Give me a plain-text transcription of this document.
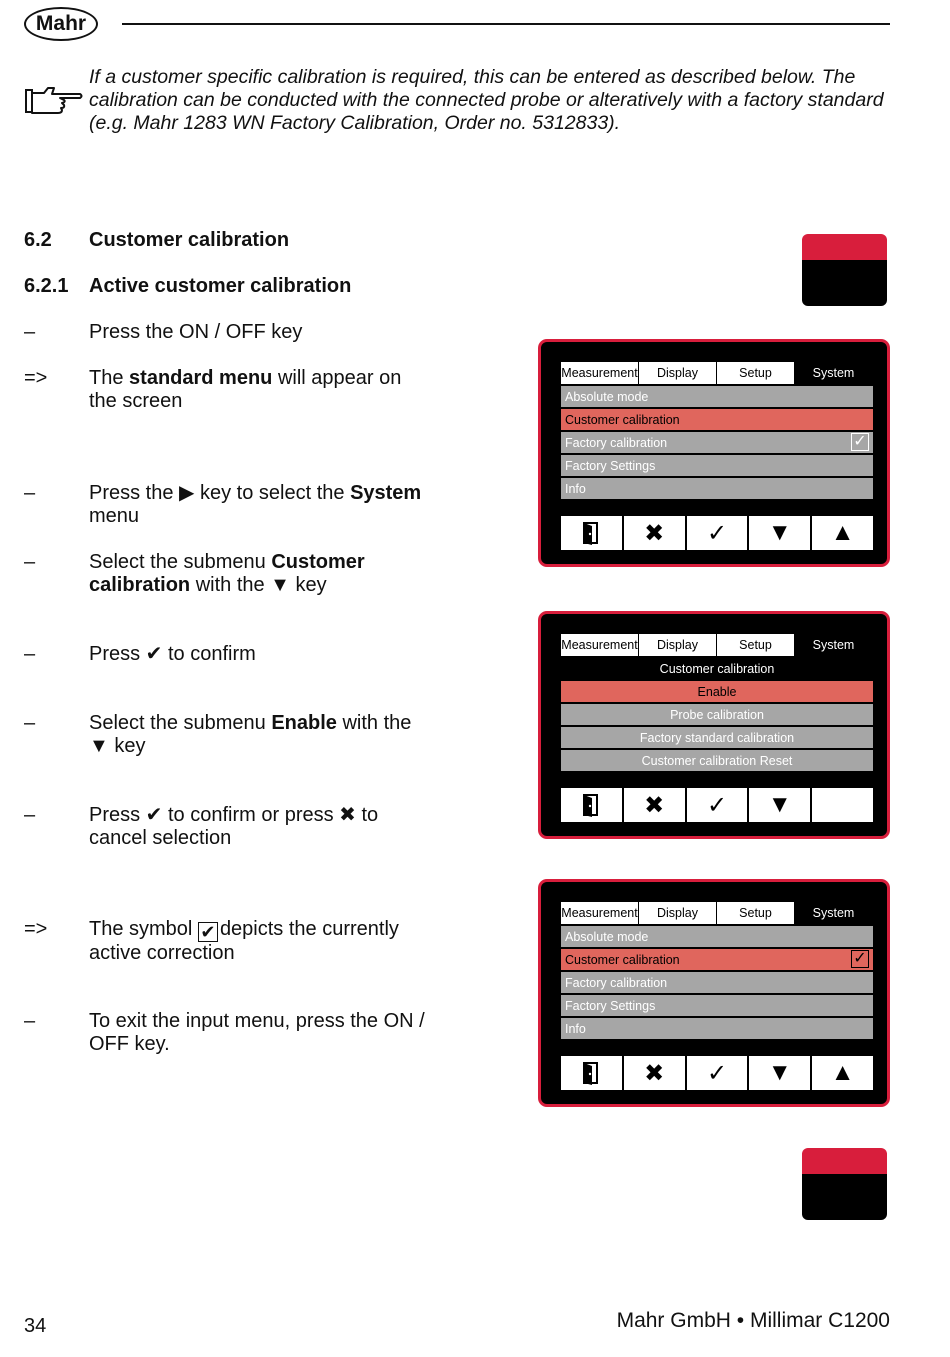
Mahr
If a customer specific calibration is required, this can be entered as described below. The calibration can be conducted with the connected probe or alteratively with a factory standard (e.g. Mahr 1283 WN Factory Calibration, Order no. 5312833).
6.2 Customer calibration
6.2.1 Active customer calibration
–	Press the ON / OFF key
=> The standard menu will appear on the screen
–	Press the ▶ key to select the System menu
–	Select the submenu Customer calibration with the ▼ key
–	Press ✔ to confirm
–	Select the submenu Enable with the ▼ key
–	Press ✔ to confirm or press ✖ to cancel selection
=> The symbol ✔ depicts the currently active correction
–	To exit the input menu, press the ON / OFF key.
Measurement	Display	Setup	System
Absolute mode
Customer calibration
Factory calibration	✓
Factory Settings
Info
✖	✓	▼	▲
Measurement	Display	Setup	System
Customer calibration
Enable
Probe calibration
Factory standard calibration
Customer calibration Reset
✖	✓	▼
Measurement	Display	Setup	System
Absolute mode
Customer calibration	✓
Factory calibration
Factory Settings
Info
✖	✓	▼	▲
34	Mahr GmbH • Millimar C1200
